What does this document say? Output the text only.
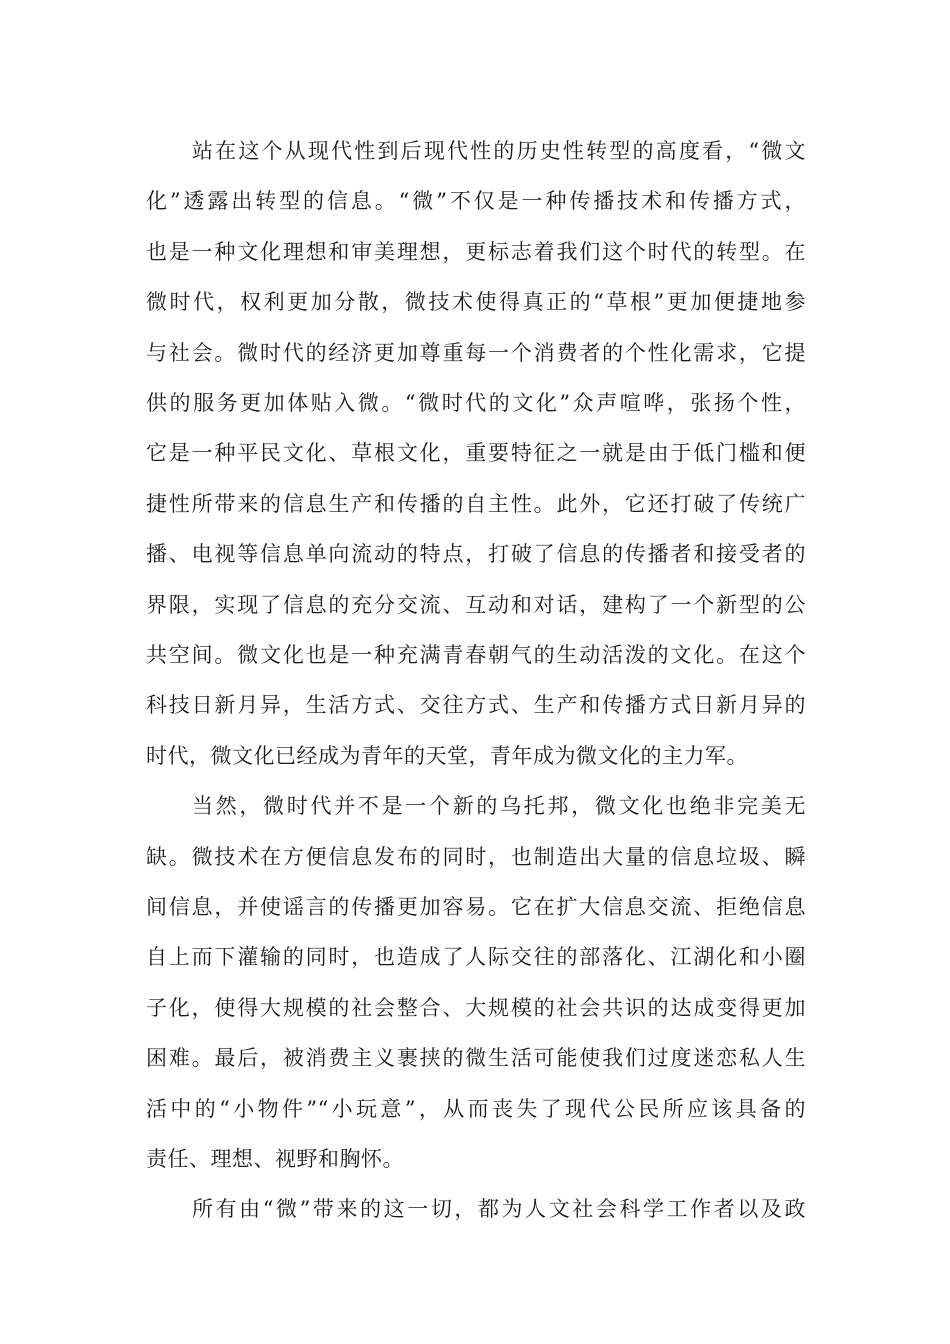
站在这个从现代性到后现代性的历史性转型的高度看，“微文
化”透露出转型的信息。“微”不仅是一种传播技术和传播方式，
也是一种文化理想和审美理想，更标志着我们这个时代的转型。在
微时代，权利更加分散，微技术使得真正的“草根”更加便捷地参
与社会。微时代的经济更加尊重每一个消费者的个性化需求，它提
供的服务更加体贴入微。“微时代的文化”众声喧哗，张扬个性，
它是一种平民文化、草根文化，重要特征之一就是由于低门槛和便
捷性所带来的信息生产和传播的自主性。此外，它还打破了传统广
播、电视等信息单向流动的特点，打破了信息的传播者和接受者的
界限，实现了信息的充分交流、互动和对话，建构了一个新型的公
共空间。微文化也是一种充满青春朝气的生动活泼的文化。在这个
科技日新月异，生活方式、交往方式、生产和传播方式日新月异的
时代，微文化已经成为青年的天堂，青年成为微文化的主力军。
当然，微时代并不是一个新的乌托邦，微文化也绝非完美无
缺。微技术在方便信息发布的同时，也制造出大量的信息垃圾、瞬
间信息，并使谣言的传播更加容易。它在扩大信息交流、拒绝信息
自上而下灌输的同时，也造成了人际交往的部落化、江湖化和小圈
子化，使得大规模的社会整合、大规模的社会共识的达成变得更加
困难。最后，被消费主义裹挟的微生活可能使我们过度迷恋私人生
活中的“小物件”“小玩意”，从而丧失了现代公民所应该具备的
责任、理想、视野和胸怀。
所有由“微”带来的这一切，都为人文社会科学工作者以及政
